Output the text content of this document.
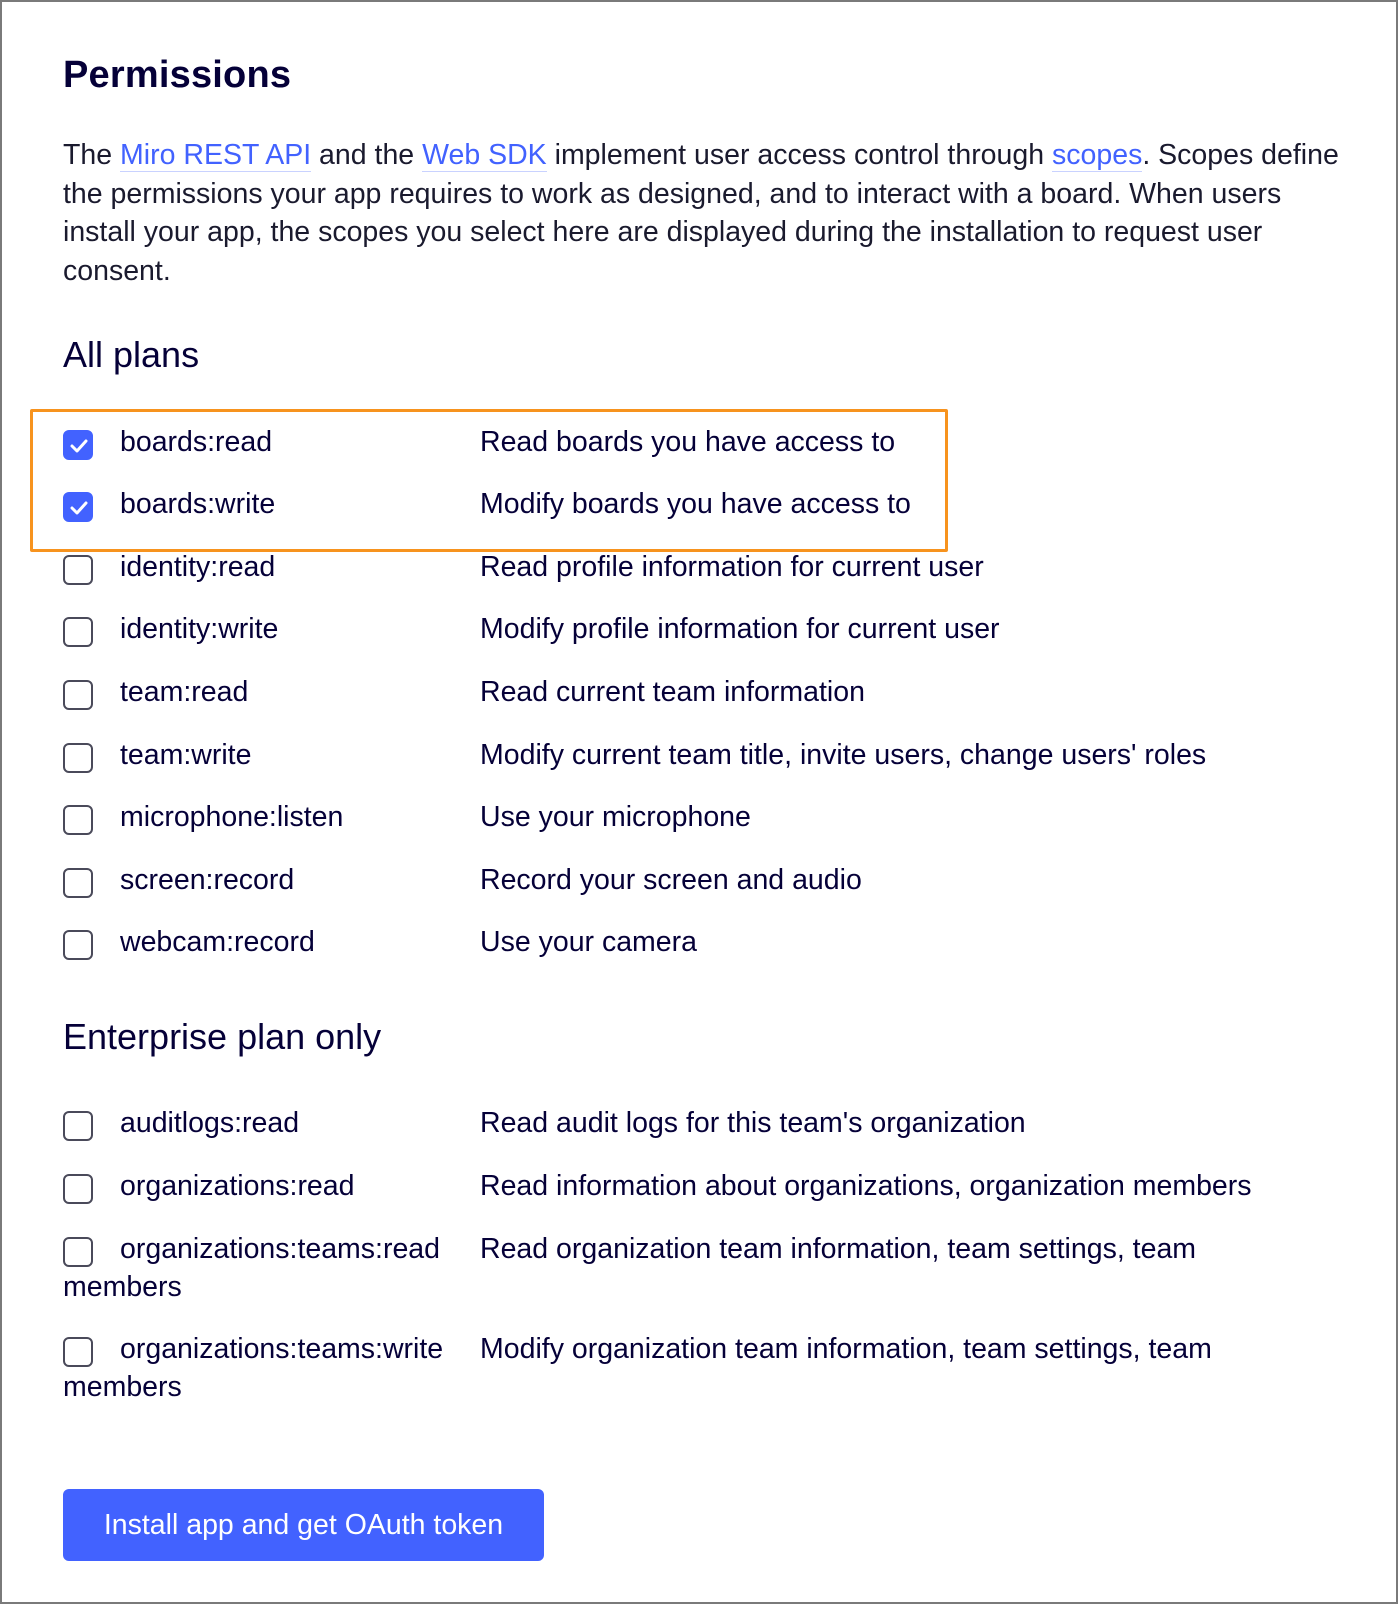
Permissions

The Miro REST API and the Web SDK implement user access control through scopes. Scopes define the permissions your app requires to work as designed, and to interact with a board. When users install your app, the scopes you select here are displayed during the installation to request user consent.

All plans
boards:read	Read boards you have access to
boards:write	Modify boards you have access to
identity:read	Read profile information for current user
identity:write	Modify profile information for current user
team:read	Read current team information
team:write	Modify current team title, invite users, change users' roles
microphone:listen	Use your microphone
screen:record	Record your screen and audio
webcam:record	Use your camera
Enterprise plan only
auditlogs:read	Read audit logs for this team's organization
organizations:read	Read information about organizations, organization members
organizations:teams:read Read organization team information, team settings, team
members
organizations:teams:write Modify organization team information, team settings, team
members
Install app and get OAuth token
